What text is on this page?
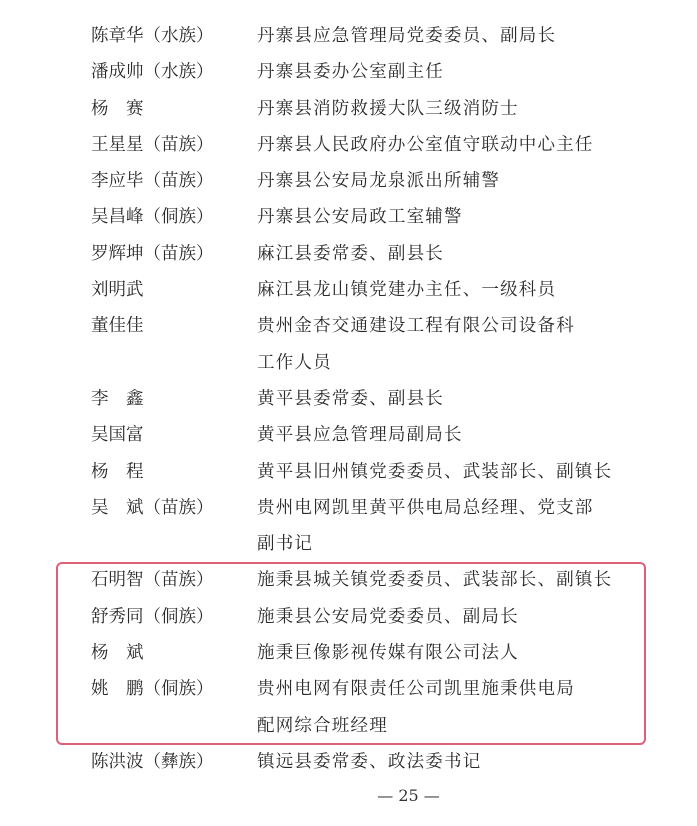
陈章华（水族） 丹寨县应急管理局党委委员、副局长
潘成帅（水族） 丹寨县委办公室副主任
杨　赛	丹寨县消防救援大队三级消防士
王星星（苗族） 丹寨县人民政府办公室值守联动中心主任
李应毕（苗族） 丹寨县公安局龙泉派出所辅警
吴昌峰（侗族） 丹寨县公安局政工室辅警
罗辉坤（苗族） 麻江县委常委、副县长
刘明武	麻江县龙山镇党建办主任、一级科员
董佳佳	贵州金杏交通建设工程有限公司设备科
工作人员
李　鑫	黄平县委常委、副县长
吴国富	黄平县应急管理局副局长
杨　程	黄平县旧州镇党委委员、武装部长、副镇长
吴　斌（苗族） 贵州电网凯里黄平供电局总经理、党支部
副书记
石明智（苗族） 施秉县城关镇党委委员、武装部长、副镇长
舒秀同（侗族） 施秉县公安局党委委员、副局长
杨　斌	施秉巨像影视传媒有限公司法人
姚　鹏（侗族） 贵州电网有限责任公司凯里施秉供电局
配网综合班经理
陈洪波（彝族） 镇远县委常委、政法委书记
— 25 —
